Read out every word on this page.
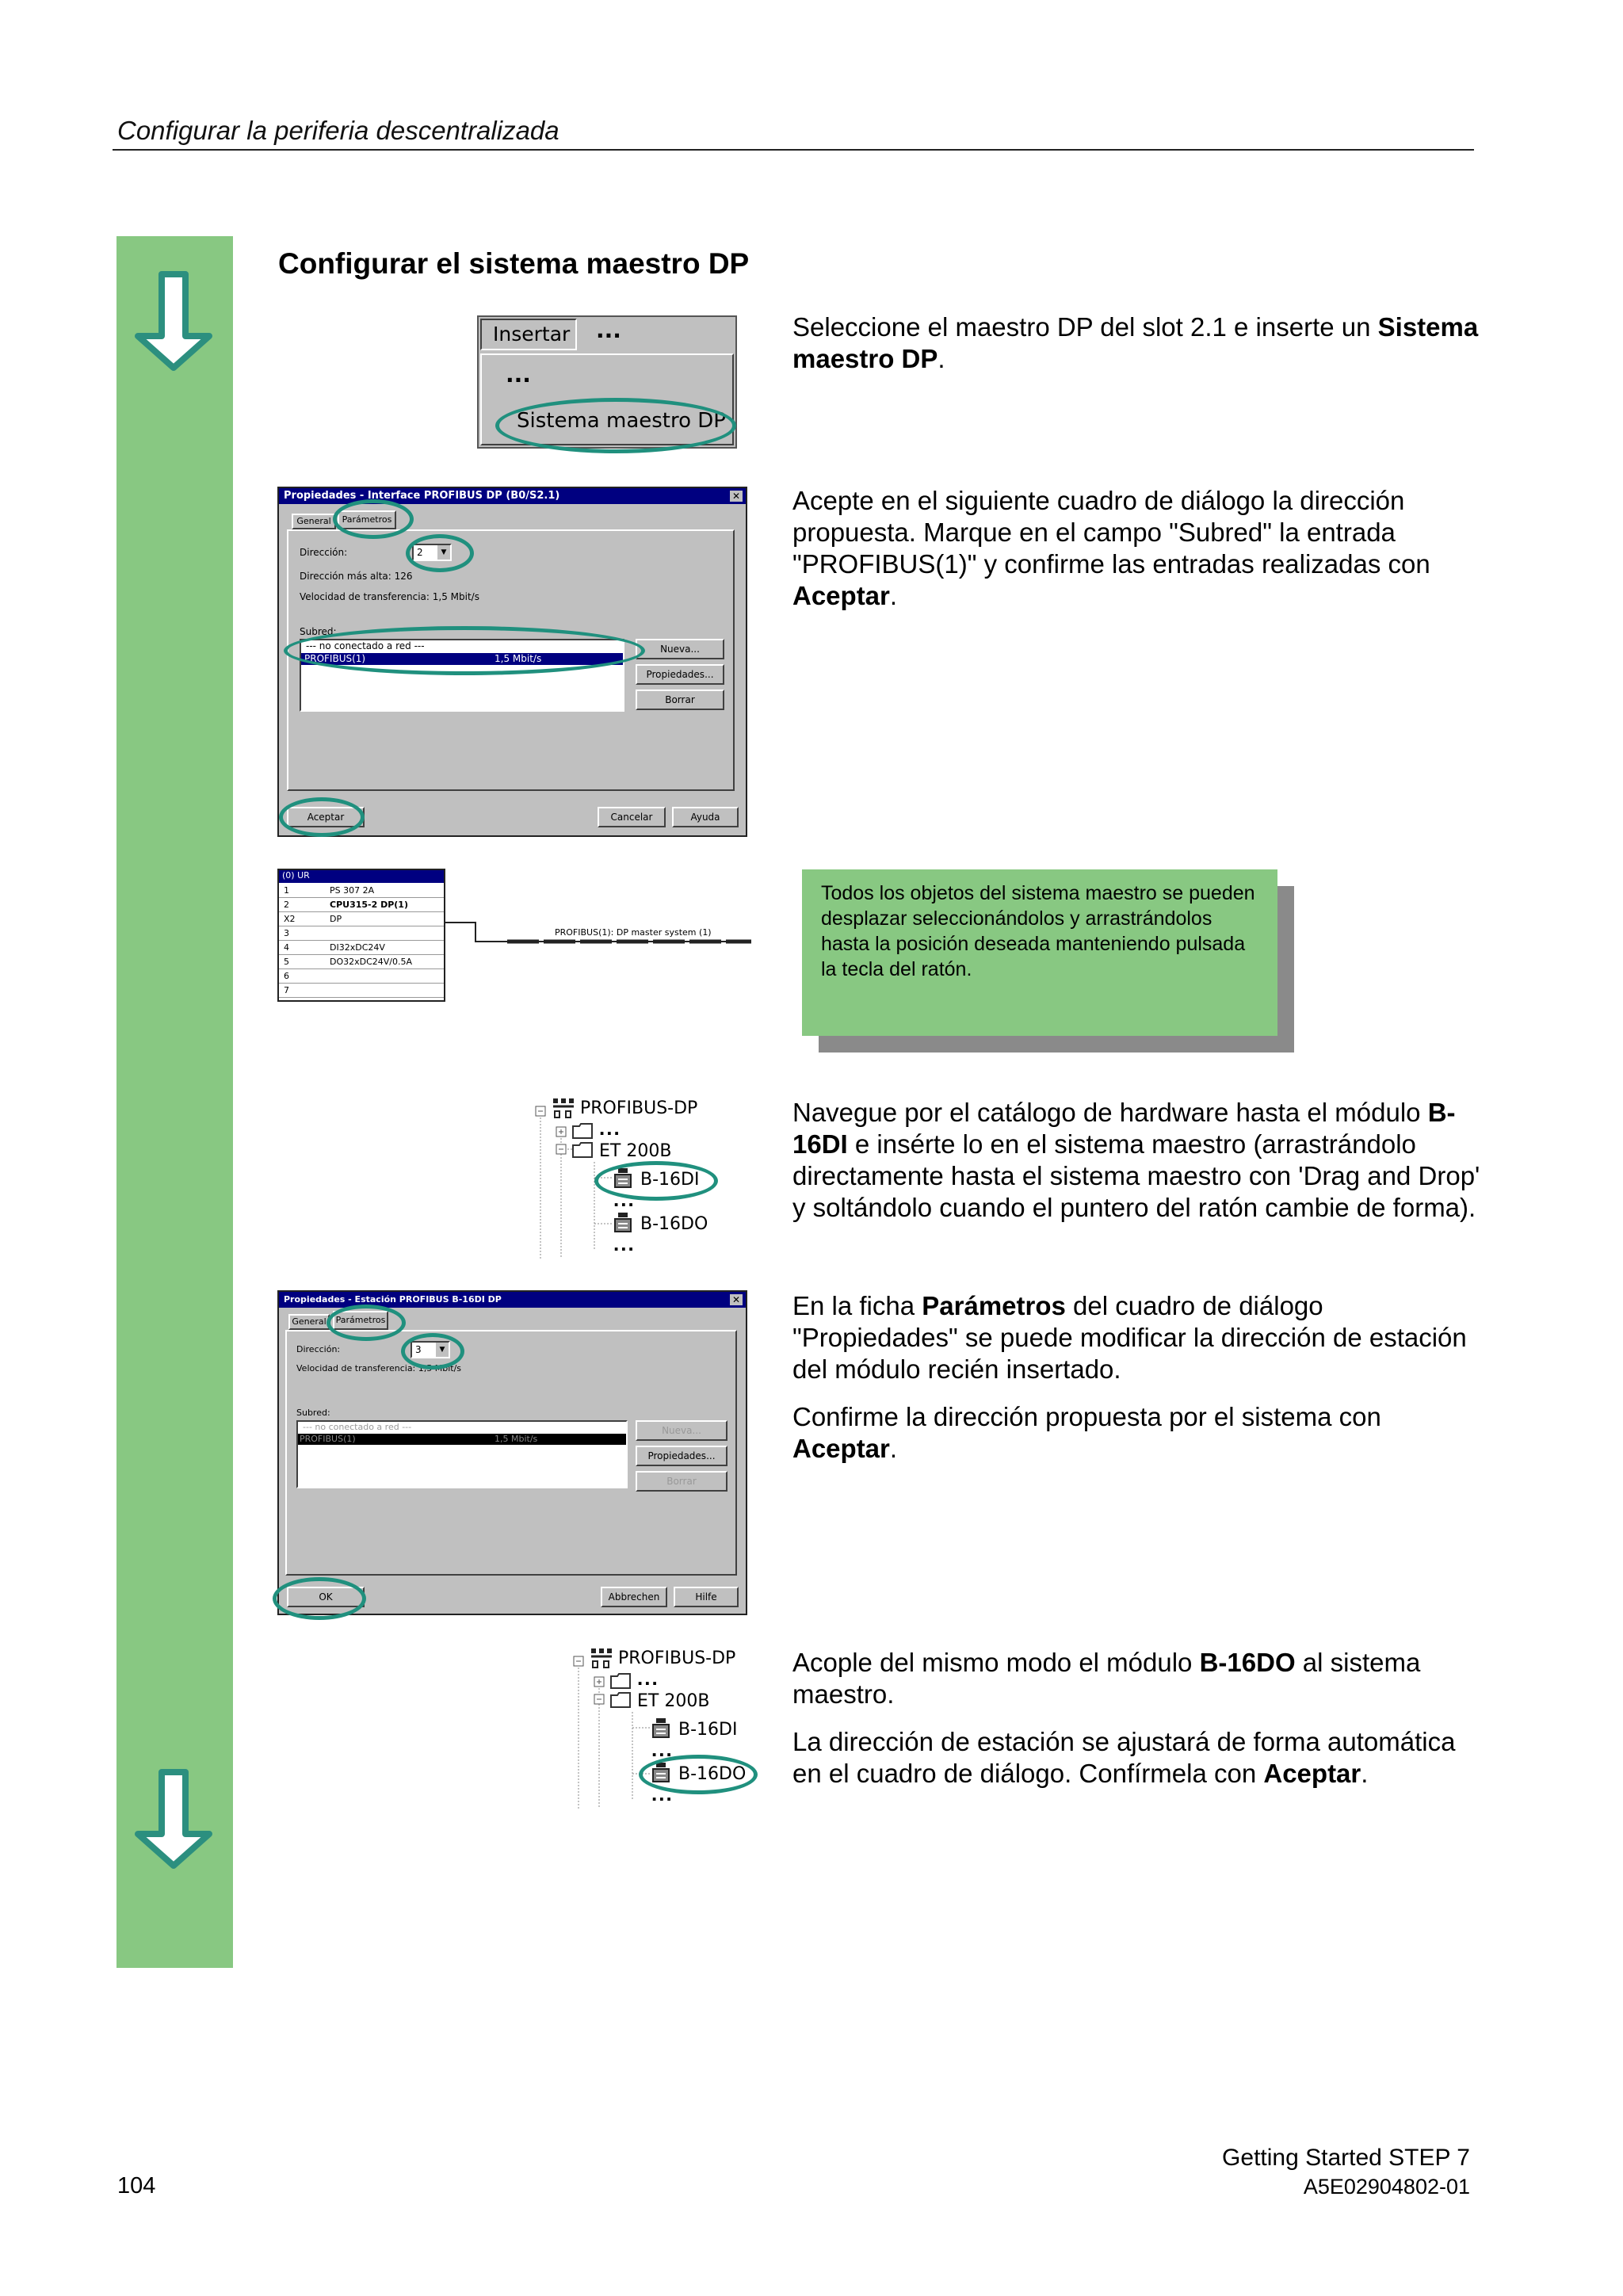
Configurar la periferia descentralizada
Configurar el sistema maestro DP
Insertar	...
...
Sistema maestro DP

Seleccione el maestro DP del slot 2.1 e inserte un Sistema maestro DP.

Propiedades - Interface PROFIBUS DP (B0/S2.1)	✕
General	Parámetros
Dirección:	2	▼
Dirección más alta: 126
Velocidad de transferencia: 1,5 Mbit/s
Subred:
--- no conectado a red ---
PROFIBUS(1)	1,5 Mbit/s
Nueva...
Propiedades...
Borrar
Aceptar	Cancelar	Ayuda

Acepte en el siguiente cuadro de diálogo la dirección propuesta. Marque en el campo "Subred" la entrada "PROFIBUS(1)" y confirme las entradas realizadas con Aceptar.

(0) UR
1	PS 307 2A
2	CPU315-2 DP(1)
X2	DP
3
4	DI32xDC24V
5	DO32xDC24V/0.5A
6
7
PROFIBUS(1): DP master system (1)
Todos los objetos del sistema maestro se pueden desplazar seleccionándolos y arrastrándolos hasta la posición deseada manteniendo pulsada la tecla del ratón.
PROFIBUS-DP
...
ET 200B
B-16DI
...
B-16DO
...

Navegue por el catálogo de hardware hasta el módulo B-16DI e insérte lo en el sistema maestro (arrastrándolo directamente hasta el sistema maestro con 'Drag and Drop' y soltándolo cuando el puntero del ratón cambie de forma).

Propiedades - Estación PROFIBUS B-16DI DP	✕
General	Parámetros
Dirección:	3	▼
Velocidad de transferencia: 1,5 Mbit/s
Subred:
--- no conectado a red ---
PROFIBUS(1)	1,5 Mbit/s
Nueva...
Propiedades...
Borrar
OK	Abbrechen	Hilfe

En la ficha Parámetros del cuadro de diálogo "Propiedades" se puede modificar la dirección de estación del módulo recién insertado.

Confirme la dirección propuesta por el sistema con Aceptar.

PROFIBUS-DP
...
ET 200B
B-16DI
...
B-16DO
...

Acople del mismo modo el módulo B-16DO al sistema maestro.

La dirección de estación se ajustará de forma automática en el cuadro de diálogo. Confírmela con Aceptar.

104
Getting Started STEP 7
A5E02904802-01
